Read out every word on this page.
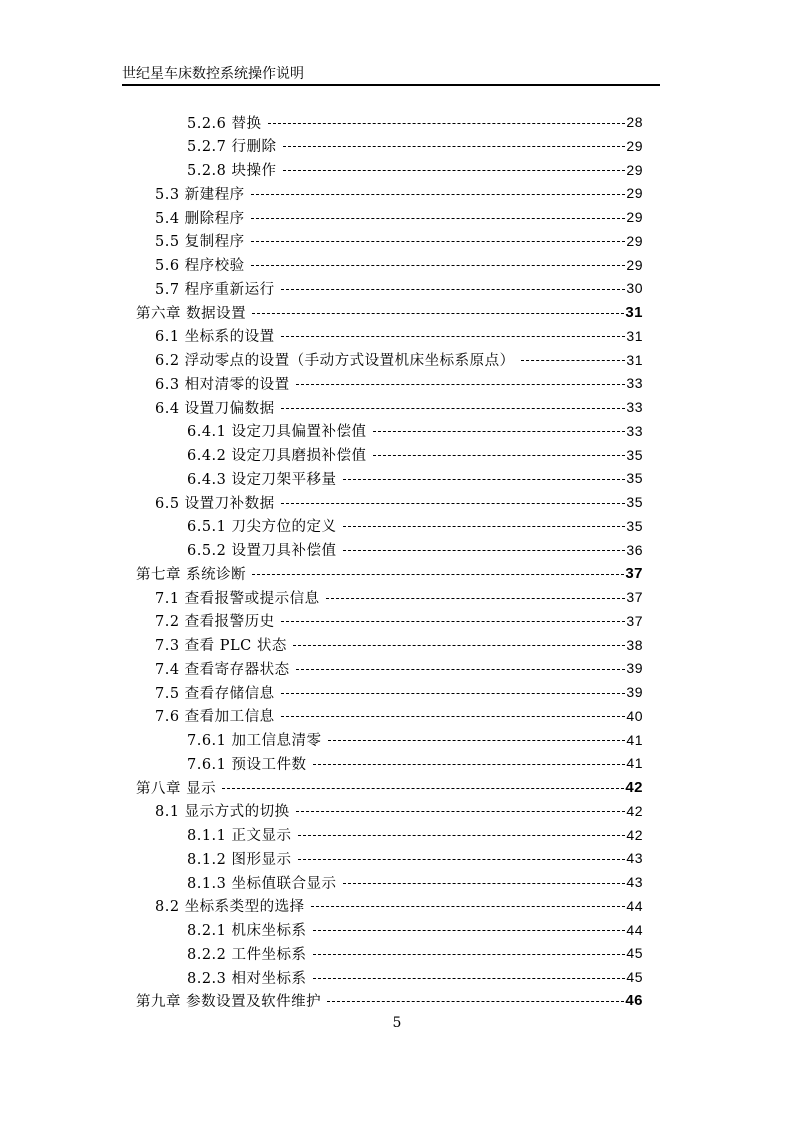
世纪星车床数控系统操作说明
5.2.6 替换	28
5.2.7 行删除	29
5.2.8 块操作	29
5.3 新建程序	29
5.4 删除程序	29
5.5 复制程序	29
5.6 程序校验	29
5.7 程序重新运行	30
第六章 数据设置	31
6.1 坐标系的设置	31
6.2 浮动零点的设置（手动方式设置机床坐标系原点）	31
6.3 相对清零的设置	33
6.4 设置刀偏数据	33
6.4.1 设定刀具偏置补偿值	33
6.4.2 设定刀具磨损补偿值	35
6.4.3 设定刀架平移量	35
6.5 设置刀补数据	35
6.5.1 刀尖方位的定义	35
6.5.2 设置刀具补偿值	36
第七章 系统诊断	37
7.1 查看报警或提示信息	37
7.2 查看报警历史	37
7.3 查看 PLC 状态	38
7.4 查看寄存器状态	39
7.5 查看存储信息	39
7.6 查看加工信息	40
7.6.1 加工信息清零	41
7.6.1 预设工件数	41
第八章 显示	42
8.1 显示方式的切换	42
8.1.1 正文显示	42
8.1.2 图形显示	43
8.1.3 坐标值联合显示	43
8.2 坐标系类型的选择	44
8.2.1 机床坐标系	44
8.2.2 工件坐标系	45
8.2.3 相对坐标系	45
第九章 参数设置及软件维护	46
5
